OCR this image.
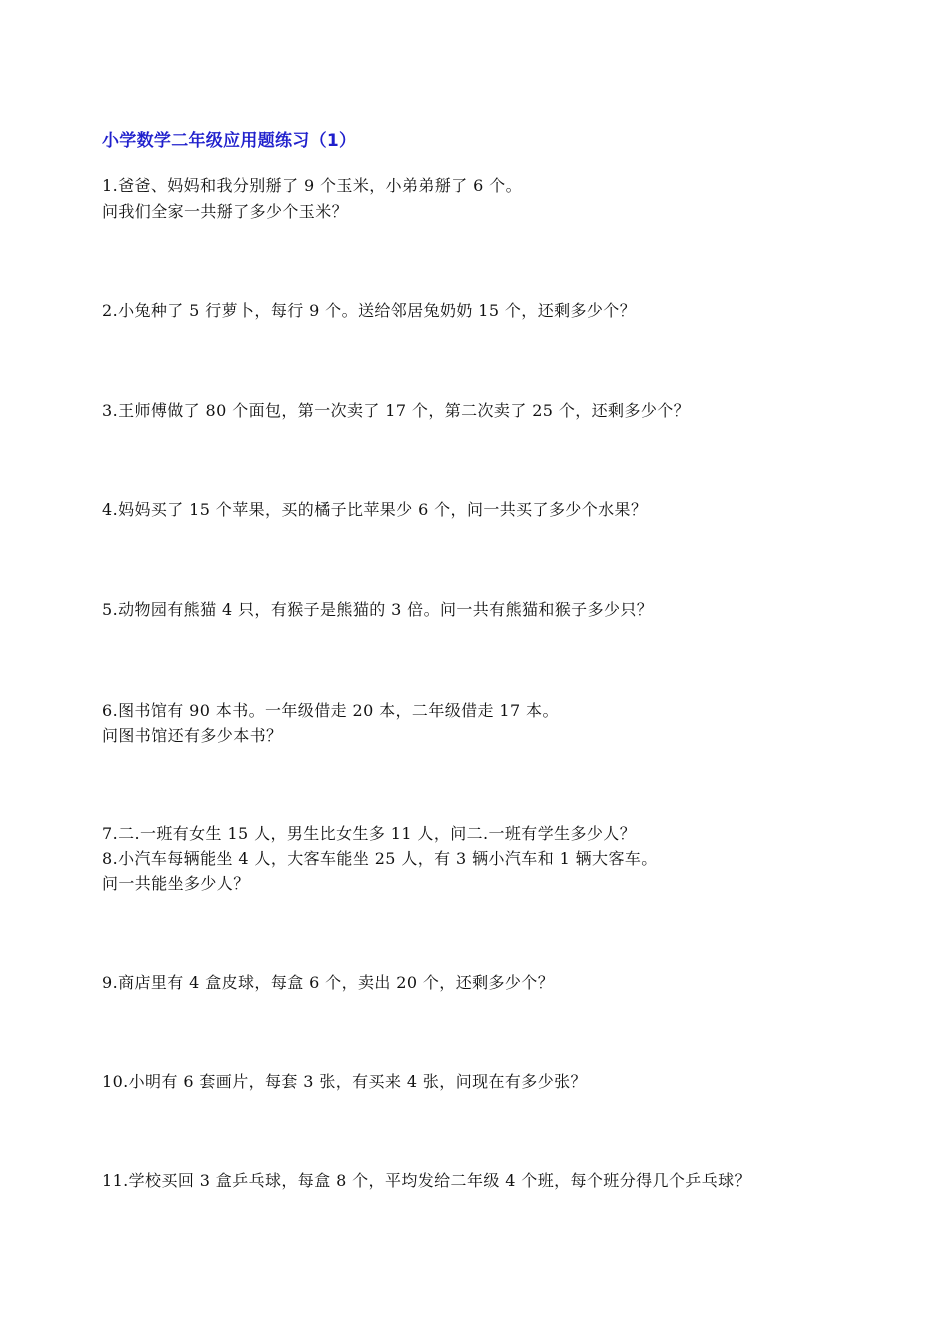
小学数学二年级应用题练习（1）
1.爸爸、妈妈和我分别掰了 9 个玉米，小弟弟掰了 6 个。
问我们全家一共掰了多少个玉米？
2.小兔种了 5 行萝卜，每行 9 个。送给邻居兔奶奶 15 个，还剩多少个？
3.王师傅做了 80 个面包，第一次卖了 17 个，第二次卖了 25 个，还剩多少个？
4.妈妈买了 15 个苹果，买的橘子比苹果少 6 个，问一共买了多少个水果？
5.动物园有熊猫 4 只，有猴子是熊猫的 3 倍。问一共有熊猫和猴子多少只？
6.图书馆有 90 本书。一年级借走 20 本，二年级借走 17 本。
问图书馆还有多少本书？
7.二.一班有女生 15 人，男生比女生多 11 人，问二.一班有学生多少人？
8.小汽车每辆能坐 4 人，大客车能坐 25 人，有 3 辆小汽车和 1 辆大客车。
问一共能坐多少人？
9.商店里有 4 盒皮球，每盒 6 个，卖出 20 个，还剩多少个？
10.小明有 6 套画片，每套 3 张，有买来 4 张，问现在有多少张？
11.学校买回 3 盒乒乓球，每盒 8 个，平均发给二年级 4 个班，每个班分得几个乒乓球？
